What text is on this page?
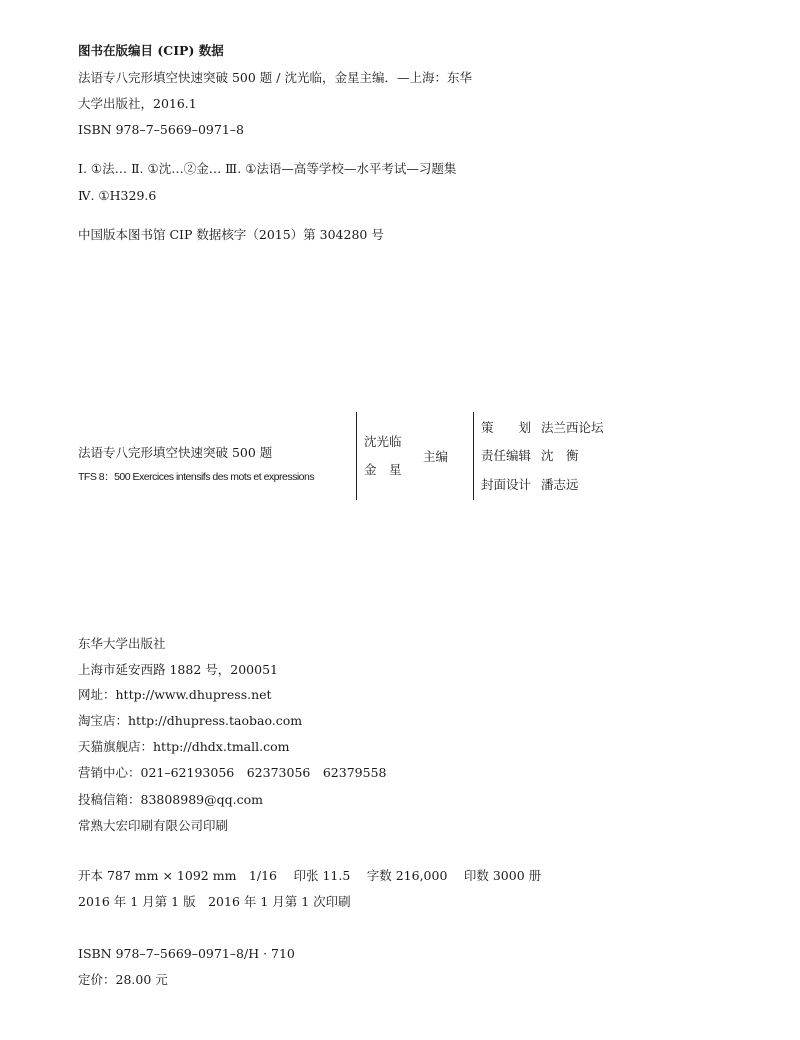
图书在版编目 (CIP) 数据
法语专八完形填空快速突破 500 题 / 沈光临，金星主编．—上海：东华
大学出版社，2016.1
ISBN 978–7–5669–0971–8
Ⅰ. ①法… Ⅱ. ①沈…②金… Ⅲ. ①法语—高等学校—水平考试—习题集
Ⅳ. ①H329.6
中国版本图书馆 CIP 数据核字（2015）第 304280 号
法语专八完形填空快速突破 500 题
TFS 8：500 Exercices intensifs des mots et expressions
沈光临
金　星
主编
策　　划 法兰西论坛
责任编辑 沈　衡
封面设计 潘志远
东华大学出版社
上海市延安西路 1882 号，200051
网址：http://www.dhupress.net
淘宝店：http://dhupress.taobao.com
天猫旗舰店：http://dhdx.tmall.com
营销中心：021–62193056　62373056　62379558
投稿信箱：83808989@qq.com
常熟大宏印刷有限公司印刷
开本 787 mm × 1092 mm　1/16　 印张 11.5　 字数 216,000　 印数 3000 册
2016 年 1 月第 1 版　2016 年 1 月第 1 次印刷
ISBN 978–7–5669–0971–8/H · 710
定价：28.00 元
